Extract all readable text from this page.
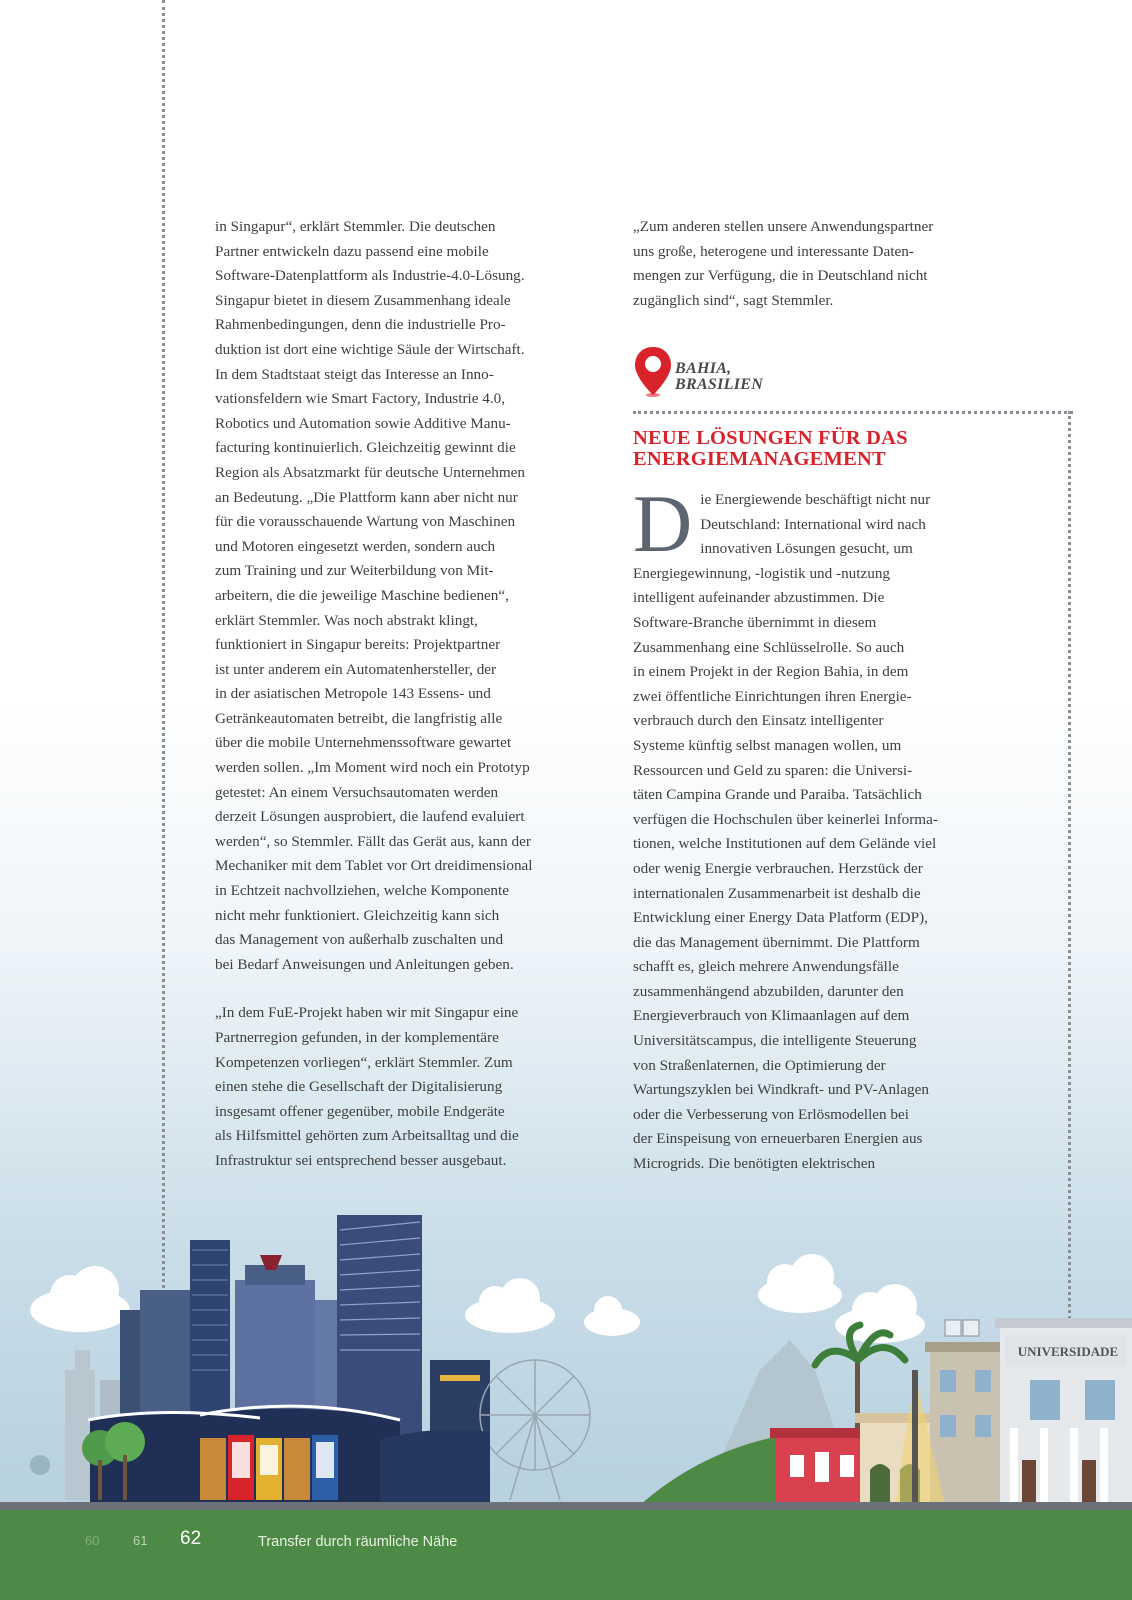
in Singapur“, erklärt Stemmler. Die deutschen
Partner entwickeln dazu passend eine mobile
Software-Datenplattform als Industrie-4.0-Lösung.
Singapur bietet in diesem Zusammenhang ideale
Rahmenbedingungen, denn die industrielle Pro-
duktion ist dort eine wichtige Säule der Wirtschaft.
In dem Stadtstaat steigt das Interesse an Inno-
vationsfeldern wie Smart Factory, Industrie 4.0,
Robotics und Automation sowie Additive Manu-
facturing kontinuierlich. Gleichzeitig gewinnt die
Region als Absatzmarkt für deutsche Unternehmen
an Bedeutung. „Die Plattform kann aber nicht nur
für die vorausschauende Wartung von Maschinen
und Motoren eingesetzt werden, sondern auch
zum Training und zur Weiterbildung von Mit-
arbeitern, die die jeweilige Maschine bedienen“,
erklärt Stemmler. Was noch abstrakt klingt,
funktioniert in Singapur bereits: Projektpartner
ist unter anderem ein Automatenhersteller, der
in der asiatischen Metropole 143 Essens- und
Getränkeautomaten betreibt, die langfristig alle
über die mobile Unternehmenssoftware gewartet
werden sollen. „Im Moment wird noch ein Prototyp
getestet: An einem Versuchsautomaten werden
derzeit Lösungen ausprobiert, die laufend evaluiert
werden“, so Stemmler. Fällt das Gerät aus, kann der
Mechaniker mit dem Tablet vor Ort dreidimensional
in Echtzeit nachvollziehen, welche Komponente
nicht mehr funktioniert. Gleichzeitig kann sich
das Management von außerhalb zuschalten und
bei Bedarf Anweisungen und Anleitungen geben.

„In dem FuE-Projekt haben wir mit Singapur eine
Partnerregion gefunden, in der komplementäre
Kompetenzen vorliegen“, erklärt Stemmler. Zum
einen stehe die Gesellschaft der Digitalisierung
insgesamt offener gegenüber, mobile Endgeräte
als Hilfsmittel gehörten zum Arbeitsalltag und die
Infrastruktur sei entsprechend besser ausgebaut.

„Zum anderen stellen unsere Anwendungspartner
uns große, heterogene und interessante Daten-
mengen zur Verfügung, die in Deutschland nicht
zugänglich sind“, sagt Stemmler.

BAHIA,
BRASILIEN
NEUE LÖSUNGEN FÜR DAS
ENERGIEMANAGEMENT
D ie Energiewende beschäftigt nicht nur
Deutschland: International wird nach
innovativen Lösungen gesucht, um

Energiegewinnung, -logistik und -nutzung
intelligent aufeinander abzustimmen. Die
Software-Branche übernimmt in diesem
Zusammenhang eine Schlüsselrolle. So auch
in einem Projekt in der Region Bahia, in dem
zwei öffentliche Einrichtungen ihren Energie-
verbrauch durch den Einsatz intelligenter
Systeme künftig selbst managen wollen, um
Ressourcen und Geld zu sparen: die Universi-
täten Campina Grande und Paraiba. Tatsächlich
verfügen die Hochschulen über keinerlei Informa-
tionen, welche Institutionen auf dem Gelände viel
oder wenig Energie verbrauchen. Herzstück der
internationalen Zusammenarbeit ist deshalb die
Entwicklung einer Energy Data Platform (EDP),
die das Management übernimmt. Die Plattform
schafft es, gleich mehrere Anwendungsfälle
zusammenhängend abzubilden, darunter den
Energieverbrauch von Klimaanlagen auf dem
Universitätscampus, die intelligente Steuerung
von Straßenlaternen, die Optimierung der
Wartungszyklen bei Windkraft- und PV-Anlagen
oder die Verbesserung von Erlösmodellen bei
der Einspeisung von erneuerbaren Energien aus
Microgrids. Die benötigten elektrischen

UNIVERSIDADE
60	61 62	Transfer durch räumliche Nähe
